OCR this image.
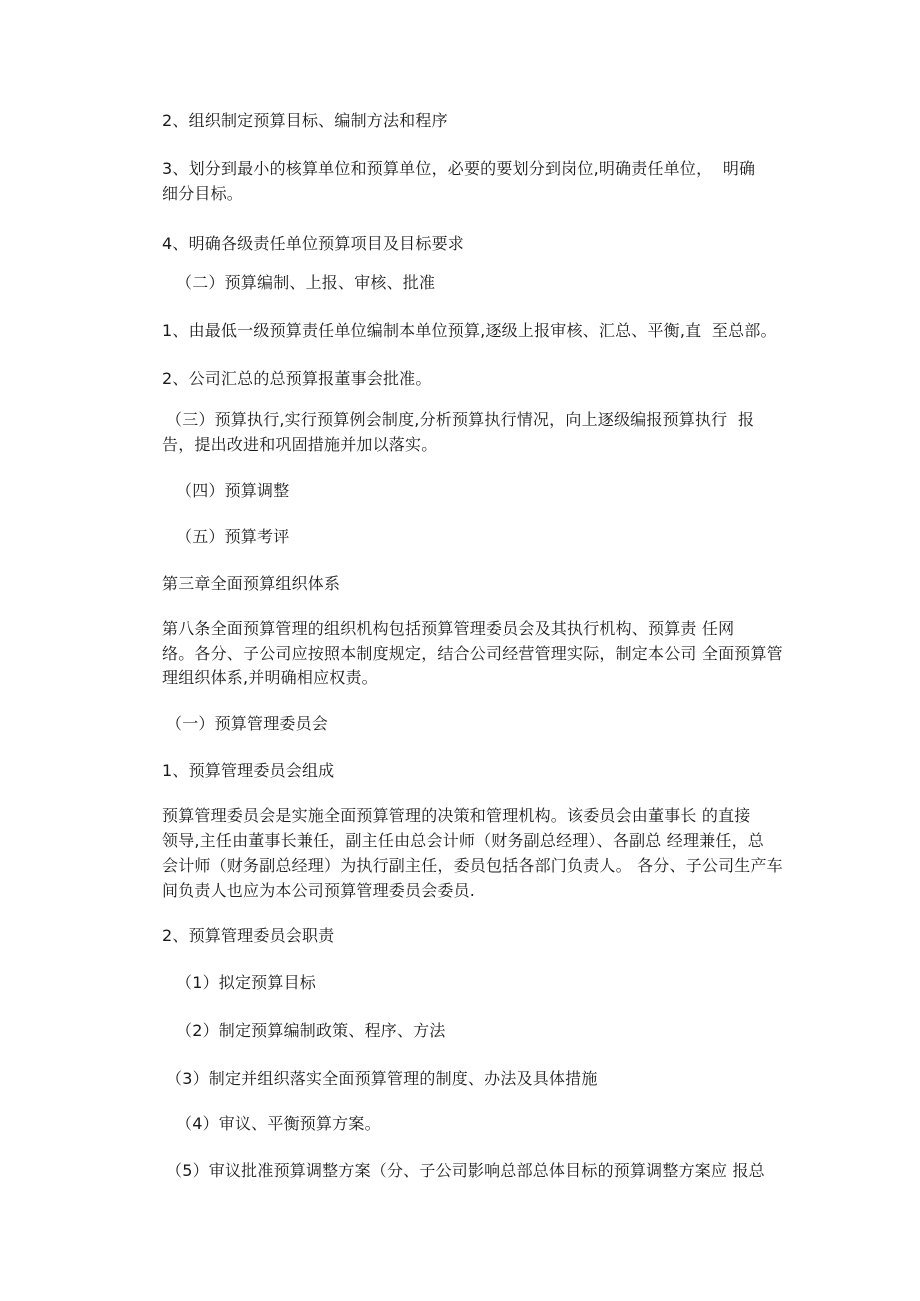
2、组织制定预算目标、编制方法和程序
3、划分到最小的核算单位和预算单位，必要的要划分到岗位,明确责任单位，  明确
细分目标。
4、明确各级责任单位预算项目及目标要求
（二）预算编制、上报、审核、批准
1、由最低一级预算责任单位编制本单位预算,逐级上报审核、汇总、平衡,直  至总部。
2、公司汇总的总预算报董事会批准。
（三）预算执行,实行预算例会制度,分析预算执行情况，向上逐级编报预算执行  报
告，提出改进和巩固措施并加以落实。
（四）预算调整
（五）预算考评
第三章全面预算组织体系
第八条全面预算管理的组织机构包括预算管理委员会及其执行机构、预算责 任网
络。各分、子公司应按照本制度规定，结合公司经营管理实际，制定本公司 全面预算管
理组织体系,并明确相应权责。
（一）预算管理委员会
1、预算管理委员会组成
预算管理委员会是实施全面预算管理的决策和管理机构。该委员会由董事长 的直接
领导,主任由董事长兼任，副主任由总会计师（财务副总经理）、各副总 经理兼任，总
会计师（财务副总经理）为执行副主任，委员包括各部门负责人。 各分、子公司生产车
间负责人也应为本公司预算管理委员会委员.
2、预算管理委员会职责
（1）拟定预算目标
（2）制定预算编制政策、程序、方法
（3）制定并组织落实全面预算管理的制度、办法及具体措施
（4）审议、平衡预算方案。
（5）审议批准预算调整方案（分、子公司影响总部总体目标的预算调整方案应 报总
